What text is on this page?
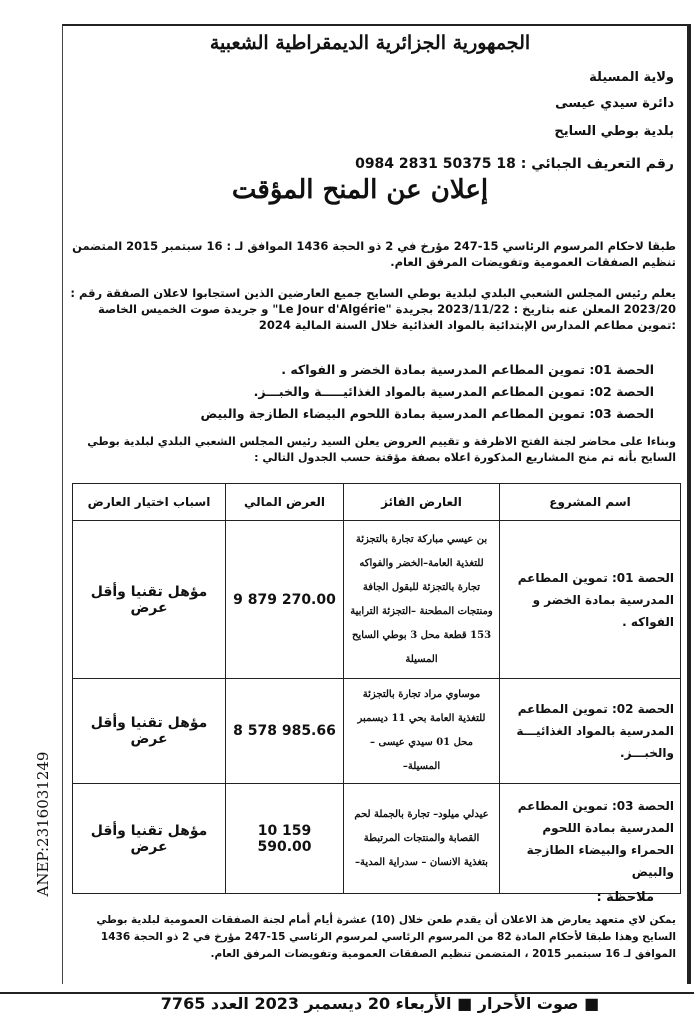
الجمهورية الجزائرية الديمقراطية الشعبية
ولاية المسيلة
دائرة سيدي عيسى
بلدية بوطي السايح
رقم التعريف الجبائي : 18 50375 2831 0984
إعلان عن المنح المؤقت
طبقا لاحكام المرسوم الرئاسي 15-247 مؤرخ في 2 ذو الحجة 1436 الموافق لـ : 16 سبتمبر 2015 المتضمن تنظيم الصفقات العمومية وتفويضات المرفق العام.
يعلم رئيس المجلس الشعبي البلدي لبلدية بوطي السايح جميع العارضين الذين استجابوا لاعلان الصفقة رقم : 2023/20 المعلن عنه بتاريخ : 2023/11/22 بجريدة "Le Jour d'Algérie" و جريدة صوت الخميس الخاصة :تموين مطاعم المدارس الإبتدائية بالمواد الغذائية خلال السنة المالية 2024
الحصة 01: تموين المطاعم المدرسية بمادة الخضر و الفواكه .
الحصة 02: تموين المطاعم المدرسية بالمواد الغذائيـــــة والخبـــز.
الحصة 03: تموين المطاعم المدرسية بمادة اللحوم البيضاء الطازجة والبيض
وبناءا على محاضر لجنة الفتح الاظرفة و تقييم العروض يعلن السيد رئيس المجلس الشعبي البلدي لبلدية بوطي السايح بأنه تم منح المشاريع المذكورة اعلاه بصفة مؤقتة حسب الجدول التالي :
اسم المشروع	العارض الفائز	العرض المالي	اسباب اختيار العارض
الحصة 01: تموين المطاعم المدرسية بمادة الخضر و الفواكه .	بن عيسي مباركة تجارة بالتجزئة للتغذية العامة–الخضر والفواكه تجارة بالتجزئة للبقول الجافة ومنتجات المطحنة –التجزئة الترابية 153 قطعة محل 3 بوطي السايح المسيلة	9 879 270.00	مؤهل تقنيا وأقل عرض
الحصة 02: تموين المطاعم المدرسية بالمواد الغذائيـــة والخبـــز.	موساوي مراد تجارة بالتجزئة للتغذية العامة بحي 11 ديسمبر محل 01 سيدي عيسى – المسيلة–	8 578 985.66	مؤهل تقنيا وأقل عرض
الحصة 03: تموين المطاعم المدرسية بمادة اللحوم الحمراء والبيضاء الطازجة والبيض	عيدلي ميلود– تجارة بالجملة لحم القصابة والمنتجات المرتبطة بتغذية الانسان – سدراية المدية–	10 159 590.00	مؤهل تقنيا وأقل عرض
ملاحظة :
يمكن لاي متعهد يعارض هذ الاعلان أن يقدم طعن خلال (10) عشرة أيام أمام لجنة الصفقات العمومية لبلدية بوطي السايح وهذا طبقا لأحكام المادة 82 من المرسوم الرئاسي لمرسوم الرئاسي 15-247 مؤرخ في 2 ذو الحجة 1436 الموافق لـ 16 سبتمبر 2015 ، المتضمن تنظيم الصفقات العمومية وتفويضات المرفق العام.
ANEP:2316031249
■ صوت الأحرار ■ الأربعاء 20 ديسمبر 2023 العدد 7765
